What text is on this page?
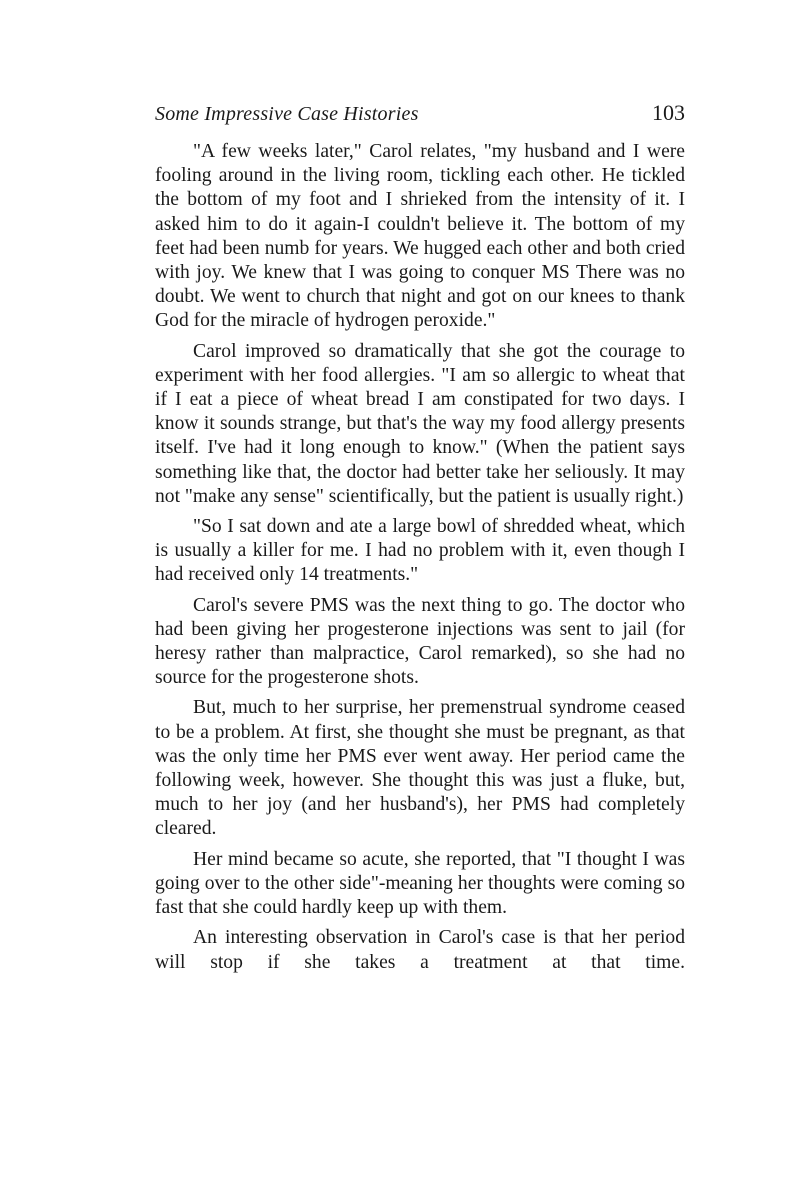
Some Impressive Case Histories	103

"A few weeks later," Carol relates, "my husband and I were fooling around in the living room, tickling each other. He tickled the bottom of my foot and I shrieked from the intensity of it. I asked him to do it again-I couldn't believe it. The bottom of my feet had been numb for years. We hugged each other and both cried with joy. We knew that I was going to conquer MS There was no doubt. We went to church that night and got on our knees to thank God for the miracle of hydrogen peroxide."

Carol improved so dramatically that she got the courage to experiment with her food allergies. "I am so allergic to wheat that if I eat a piece of wheat bread I am constipated for two days. I know it sounds strange, but that's the way my food allergy presents itself. I've had it long enough to know." (When the patient says something like that, the doctor had better take her seliously. It may not "make any sense" scientifically, but the patient is usually right.)

"So I sat down and ate a large bowl of shredded wheat, which is usually a killer for me. I had no problem with it, even though I had received only 14 treatments."

Carol's severe PMS was the next thing to go. The doctor who had been giving her progesterone injections was sent to jail (for heresy rather than malpractice, Carol remarked), so she had no source for the progesterone shots.

But, much to her surprise, her premenstrual syndrome ceased to be a problem. At first, she thought she must be pregnant, as that was the only time her PMS ever went away. Her period came the following week, however. She thought this was just a fluke, but, much to her joy (and her husband's), her PMS had completely cleared.

Her mind became so acute, she reported, that "I thought I was going over to the other side"-meaning her thoughts were coming so fast that she could hardly keep up with them.

An interesting observation in Carol's case is that her period will stop if she takes a treatment at that time.
